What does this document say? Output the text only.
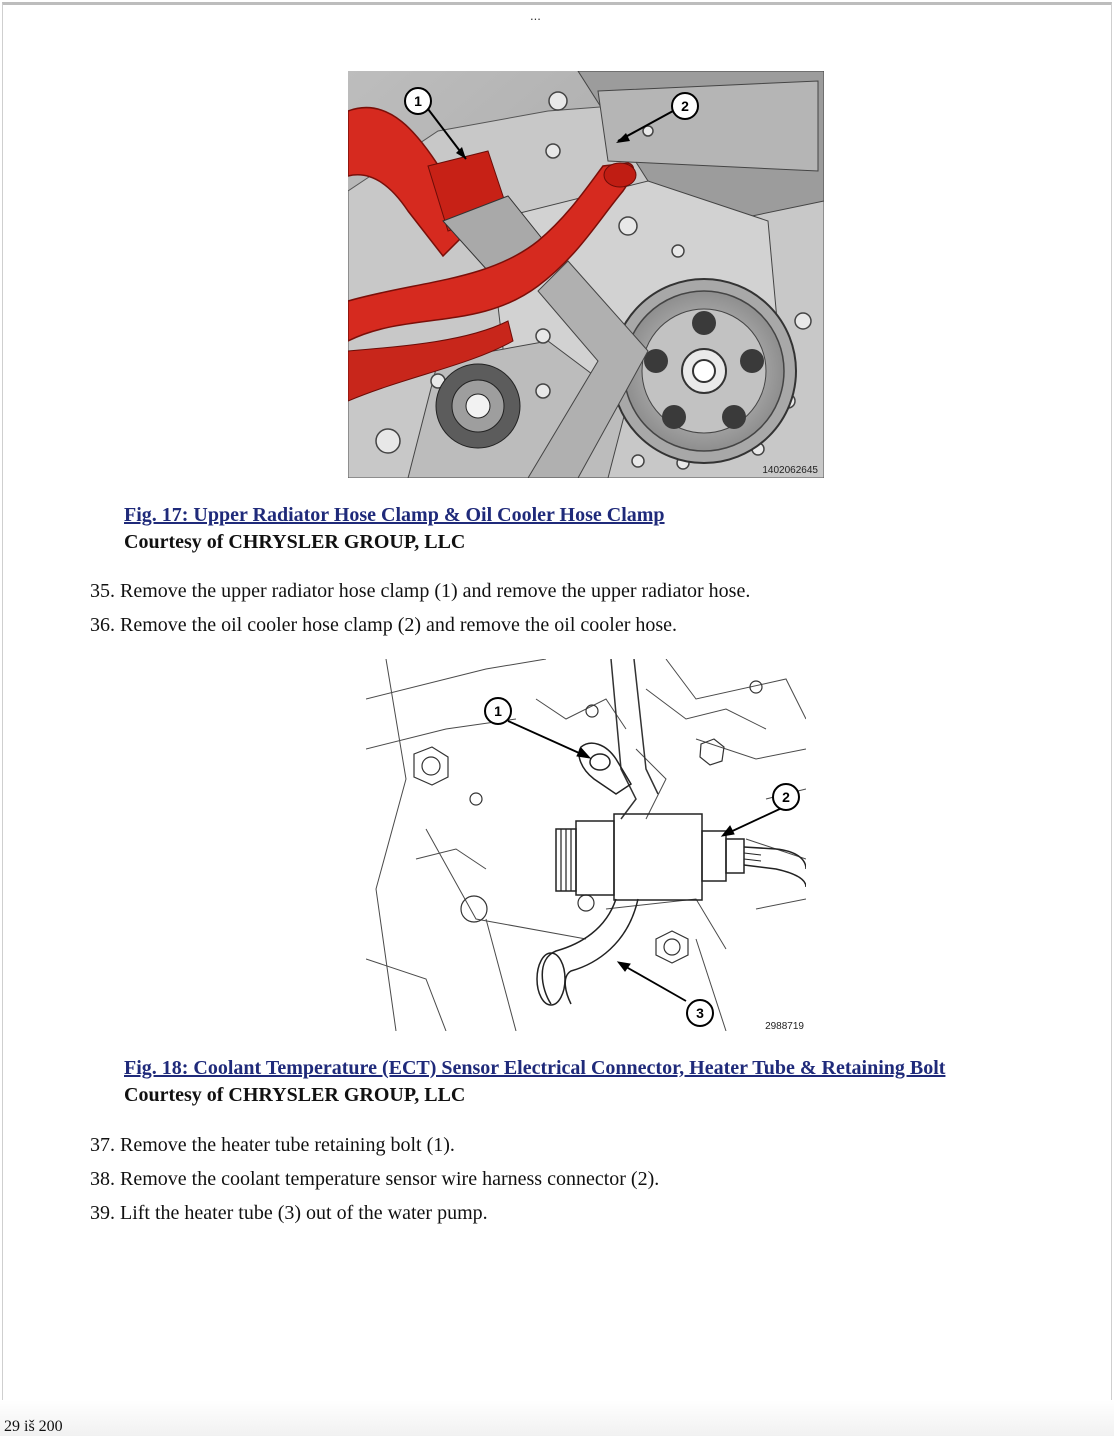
...
1	2
1402062645
Fig. 17: Upper Radiator Hose Clamp & Oil Cooler Hose Clamp
Courtesy of CHRYSLER GROUP, LLC
35. Remove the upper radiator hose clamp (1) and remove the upper radiator hose.
36. Remove the oil cooler hose clamp (2) and remove the oil cooler hose.
1
2
3
2988719
Fig. 18: Coolant Temperature (ECT) Sensor Electrical Connector, Heater Tube & Retaining Bolt
Courtesy of CHRYSLER GROUP, LLC
37. Remove the heater tube retaining bolt (1).
38. Remove the coolant temperature sensor wire harness connector (2).
39. Lift the heater tube (3) out of the water pump.
29 iš 200
